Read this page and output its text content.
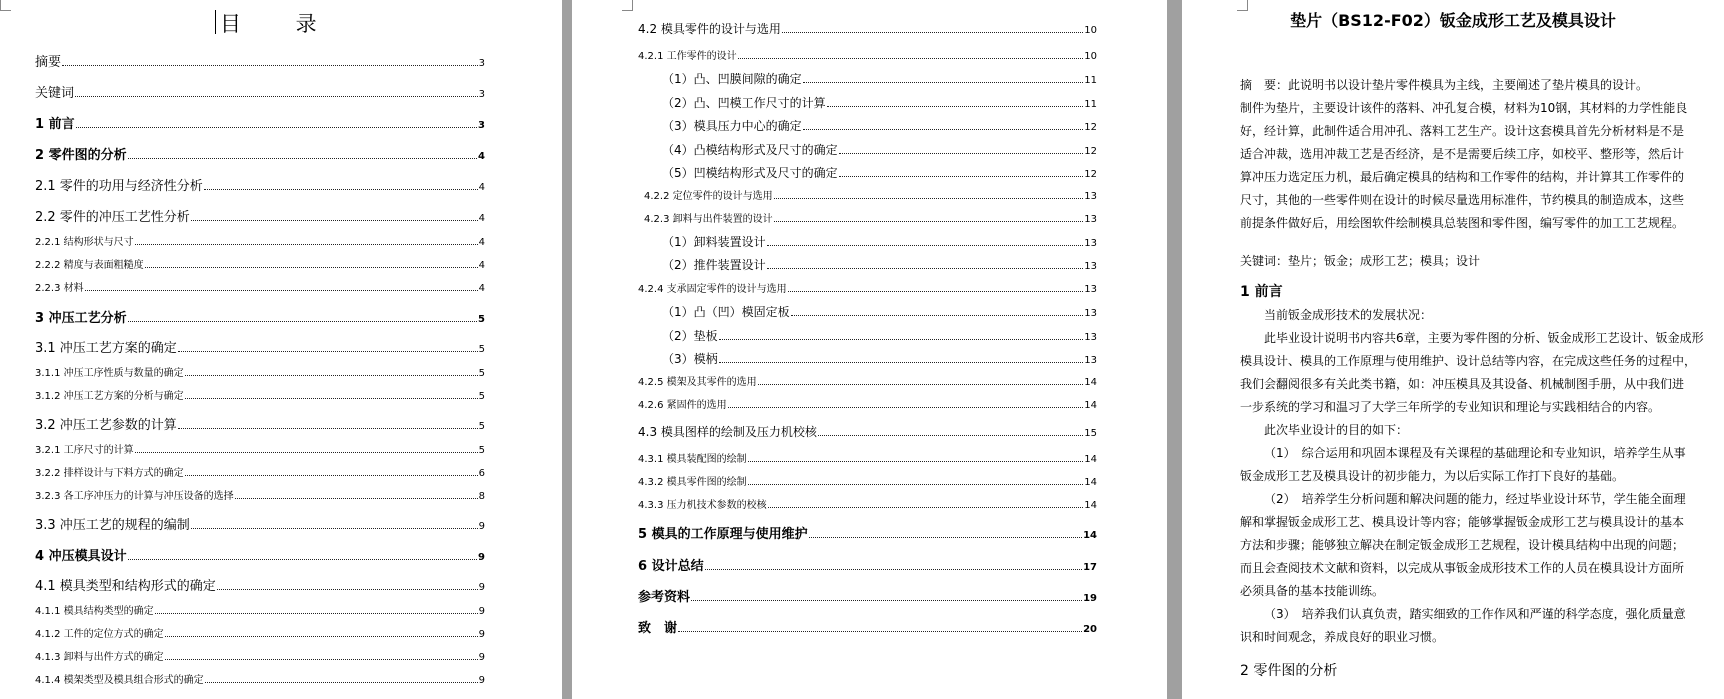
目 录
摘要	3
关键词	3
1 前言	3
2 零件图的分析	4
2.1 零件的功用与经济性分析	4
2.2 零件的冲压工艺性分析	4
2.2.1 结构形状与尺寸	4
2.2.2 精度与表面粗糙度	4
2.2.3 材料	4
3 冲压工艺分析	5
3.1 冲压工艺方案的确定	5
3.1.1 冲压工序性质与数量的确定	5
3.1.2 冲压工艺方案的分析与确定	5
3.2 冲压工艺参数的计算	5
3.2.1 工序尺寸的计算	5
3.2.2 排样设计与下料方式的确定	6
3.2.3 各工序冲压力的计算与冲压设备的选择	8
3.3 冲压工艺的规程的编制	9
4 冲压模具设计	9
4.1 模具类型和结构形式的确定	9
4.1.1 模具结构类型的确定	9
4.1.2 工件的定位方式的确定	9
4.1.3 卸料与出件方式的确定	9
4.1.4 模架类型及模具组合形式的确定	9
4.2 模具零件的设计与选用	10
4.2.1 工作零件的设计	10
（1）凸、凹膜间隙的确定	11
（2）凸、凹模工作尺寸的计算	11
（3）模具压力中心的确定	12
（4）凸模结构形式及尺寸的确定	12
（5）凹模结构形式及尺寸的确定	12
4.2.2 定位零件的设计与选用	13
4.2.3 卸料与出件装置的设计	13
（1）卸料装置设计	13
（2）推件装置设计	13
4.2.4 支承固定零件的设计与选用	13
（1）凸（凹）模固定板	13
（2）垫板	13
（3）模柄	13
4.2.5 模架及其零件的选用	14
4.2.6 紧固件的选用	14
4.3 模具图样的绘制及压力机校核	15
4.3.1 模具装配图的绘制	14
4.3.2 模具零件图的绘制	14
4.3.3 压力机技术参数的校核	14
5 模具的工作原理与使用维护	14
6 设计总结	17
参考资料	19
致　谢	20
垫片（BS12-F02）钣金成形工艺及模具设计
摘　要：此说明书以设计垫片零件模具为主线，主要阐述了垫片模具的设计。
制件为垫片，主要设计该件的落料、冲孔复合模，材料为10钢，其材料的力学性能良
好，经计算，此制件适合用冲孔、落料工艺生产。设计这套模具首先分析材料是不是
适合冲裁，选用冲裁工艺是否经济，是不是需要后续工序，如校平、整形等，然后计
算冲压力选定压力机，最后确定模具的结构和工作零件的结构，并计算其工作零件的
尺寸，其他的一些零件则在设计的时候尽量选用标准件，节约模具的制造成本，这些
前提条件做好后，用绘图软件绘制模具总装图和零件图，编写零件的加工工艺规程。
关键词：垫片；钣金；成形工艺；模具；设计
1 前言
当前钣金成形技术的发展状况：
此毕业设计说明书内容共6章，主要为零件图的分析、钣金成形工艺设计、钣金成形
模具设计、模具的工作原理与使用维护、设计总结等内容，在完成这些任务的过程中，
我们会翻阅很多有关此类书籍，如：冲压模具及其设备、机械制图手册，从中我们进
一步系统的学习和温习了大学三年所学的专业知识和理论与实践相结合的内容。
此次毕业设计的目的如下：
（1）　综合运用和巩固本课程及有关课程的基础理论和专业知识，培养学生从事
钣金成形工艺及模具设计的初步能力，为以后实际工作打下良好的基础。
（2）　培养学生分析问题和解决问题的能力，经过毕业设计环节，学生能全面理
解和掌握钣金成形工艺、模具设计等内容；能够掌握钣金成形工艺与模具设计的基本
方法和步骤；能够独立解决在制定钣金成形工艺规程，设计模具结构中出现的问题；
而且会查阅技术文献和资料，以完成从事钣金成形技术工作的人员在模具设计方面所
必须具备的基本技能训练。
（3）　培养我们认真负责，踏实细致的工作作风和严谨的科学态度，强化质量意
识和时间观念，养成良好的职业习惯。
2 零件图的分析
